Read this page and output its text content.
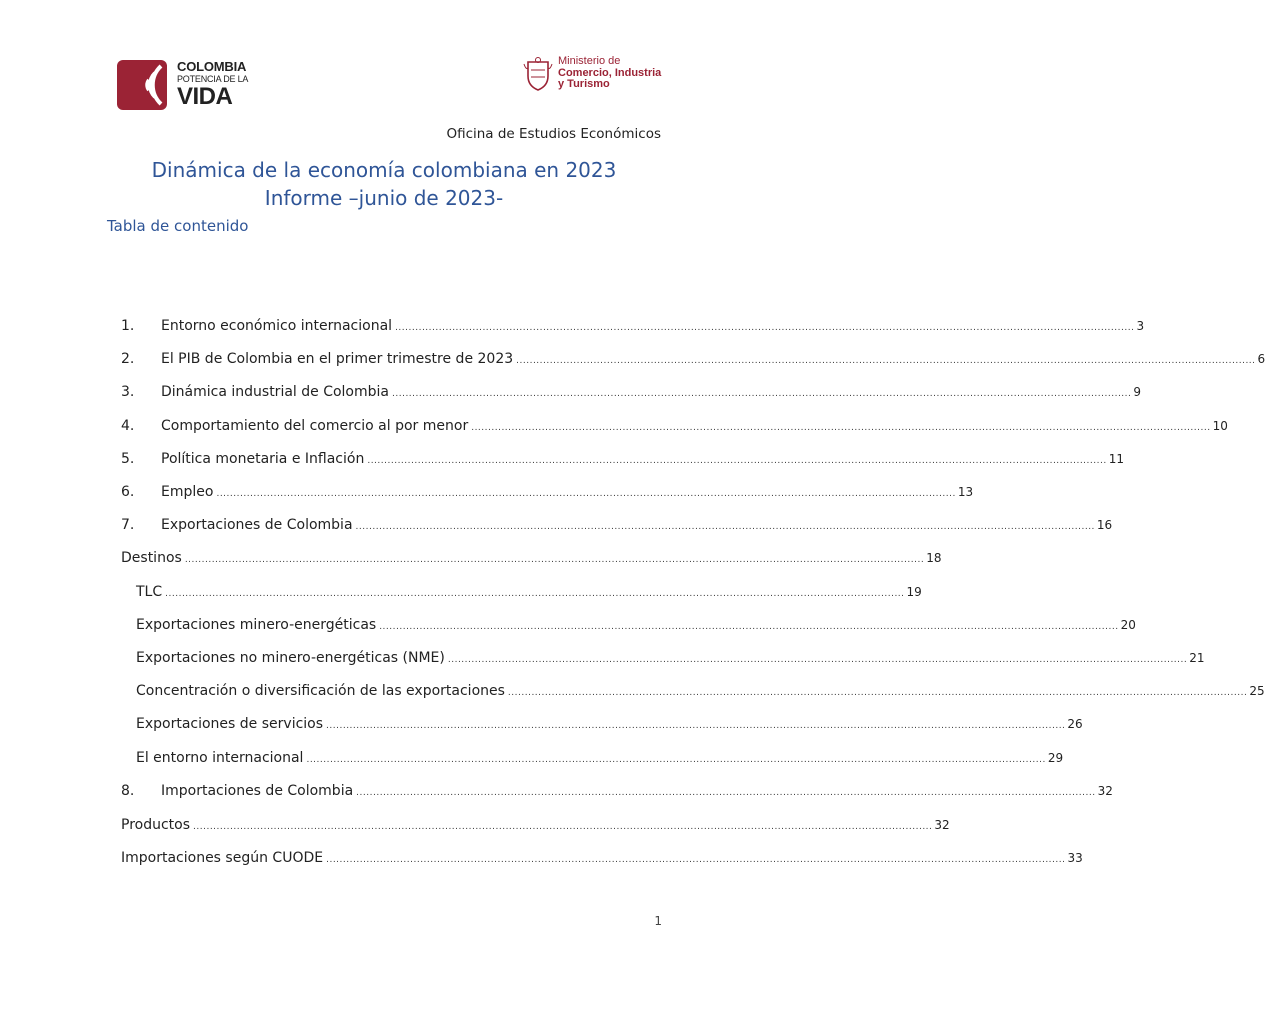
COLOMBIA
POTENCIA DE LA
VIDA
Ministerio de
Comercio, Industria
y Turismo
Oficina de Estudios Económicos
Dinámica de la economía colombiana en 2023
Informe –junio de 2023-
Tabla de contenido
1.	Entorno económico internacional ............................................................................................................................................................................................................................ 3
2.	El PIB de Colombia en el primer trimestre de 2023 ............................................................................................................................................................................................................................ 6
3.	Dinámica industrial de Colombia ............................................................................................................................................................................................................................ 9
4.	Comportamiento del comercio al por menor ............................................................................................................................................................................................................................ 10
5.	Política monetaria e Inflación ............................................................................................................................................................................................................................ 11
6.	Empleo ............................................................................................................................................................................................................................ 13
7.	Exportaciones de Colombia ............................................................................................................................................................................................................................ 16
Destinos ............................................................................................................................................................................................................................ 18
TLC ............................................................................................................................................................................................................................ 19
Exportaciones minero-energéticas ............................................................................................................................................................................................................................ 20
Exportaciones no minero-energéticas (NME) ............................................................................................................................................................................................................................ 21
Concentración o diversificación de las exportaciones ............................................................................................................................................................................................................................ 25
Exportaciones de servicios ............................................................................................................................................................................................................................ 26
El entorno internacional ............................................................................................................................................................................................................................ 29
8.	Importaciones de Colombia ............................................................................................................................................................................................................................ 32
Productos ............................................................................................................................................................................................................................ 32
Importaciones según CUODE ............................................................................................................................................................................................................................ 33
1
